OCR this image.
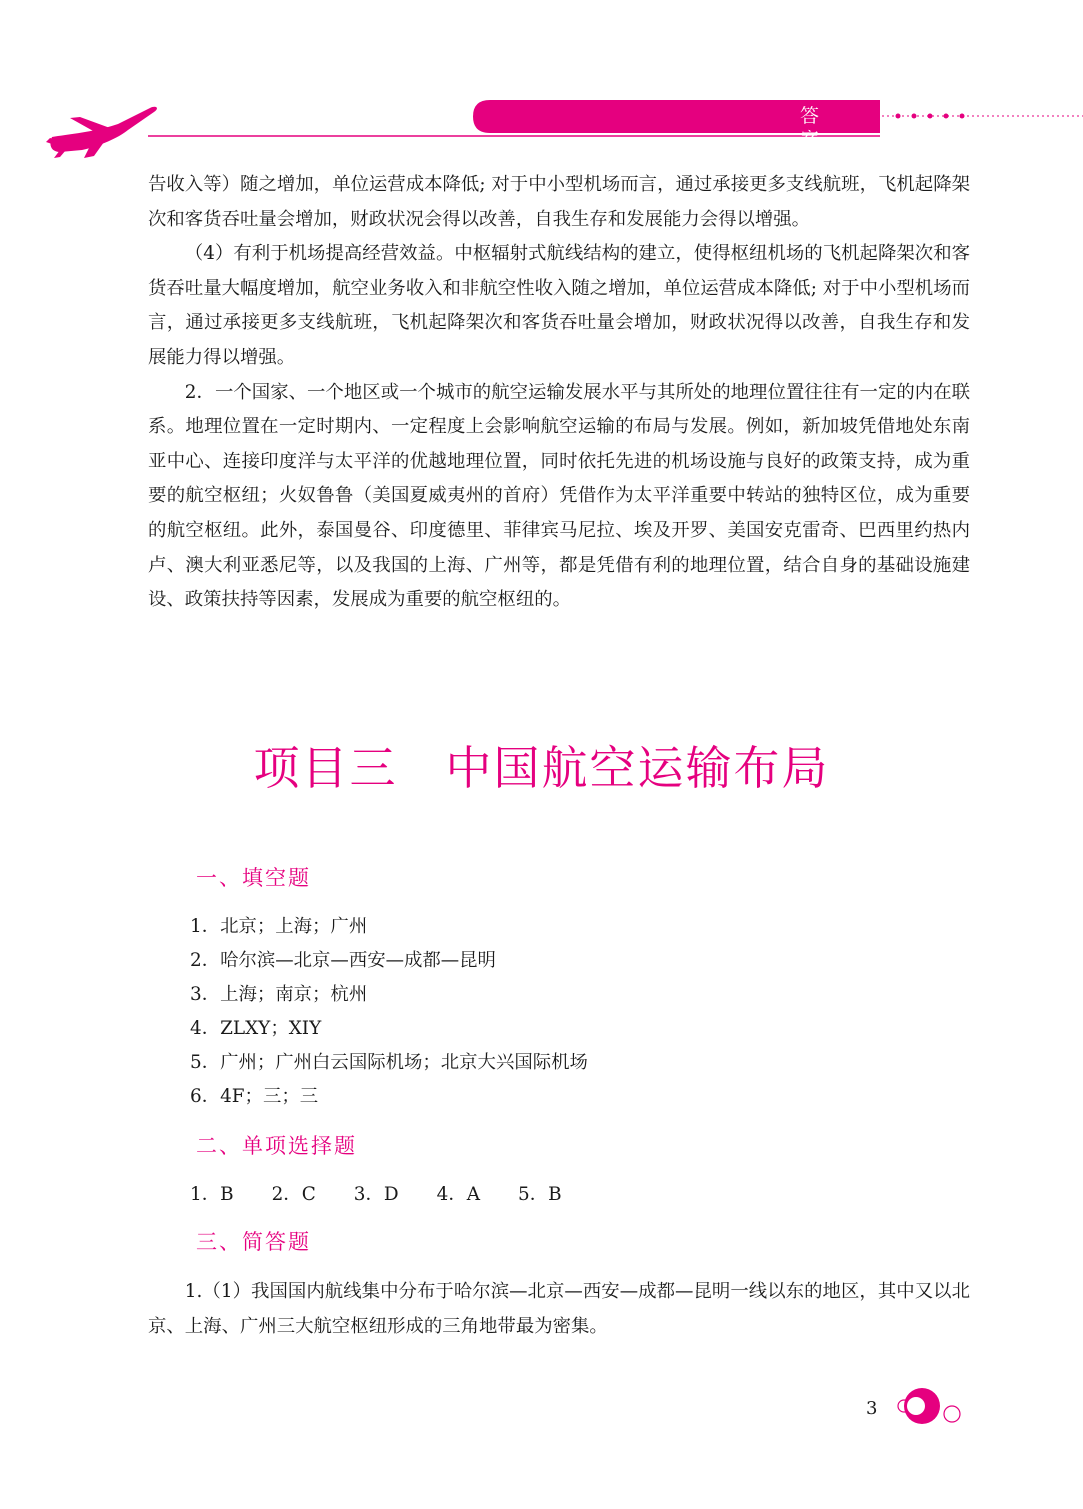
答 案

告收入等）随之增加，单位运营成本降低; 对于中小型机场而言，通过承接更多支线航班，飞机起降架次和客货吞吐量会增加，财政状况会得以改善，自我生存和发展能力会得以增强。

（4）有利于机场提高经营效益。中枢辐射式航线结构的建立，使得枢纽机场的飞机起降架次和客货吞吐量大幅度增加，航空业务收入和非航空性收入随之增加，单位运营成本降低; 对于中小型机场而言，通过承接更多支线航班，飞机起降架次和客货吞吐量会增加，财政状况得以改善，自我生存和发展能力得以增强。

2．一个国家、一个地区或一个城市的航空运输发展水平与其所处的地理位置往往有一定的内在联系。地理位置在一定时期内、一定程度上会影响航空运输的布局与发展。例如，新加坡凭借地处东南亚中心、连接印度洋与太平洋的优越地理位置，同时依托先进的机场设施与良好的政策支持，成为重要的航空枢纽；火奴鲁鲁（美国夏威夷州的首府）凭借作为太平洋重要中转站的独特区位，成为重要的航空枢纽。此外，泰国曼谷、印度德里、菲律宾马尼拉、埃及开罗、美国安克雷奇、巴西里约热内卢、澳大利亚悉尼等，以及我国的上海、广州等，都是凭借有利的地理位置，结合自身的基础设施建设、政策扶持等因素，发展成为重要的航空枢纽的。

项目三　中国航空运输布局
一、填空题
1．北京；上海；广州
2．哈尔滨—北京—西安—成都—昆明
3．上海；南京；杭州
4．ZLXY；XIY
5．广州；广州白云国际机场；北京大兴国际机场
6．4F；三；三
二、单项选择题
1．B 2．C 3．D 4．A 5．B
三、简答题

1.（1）我国国内航线集中分布于哈尔滨—北京—西安—成都—昆明一线以东的地区，其中又以北京、上海、广州三大航空枢纽形成的三角地带最为密集。

3
